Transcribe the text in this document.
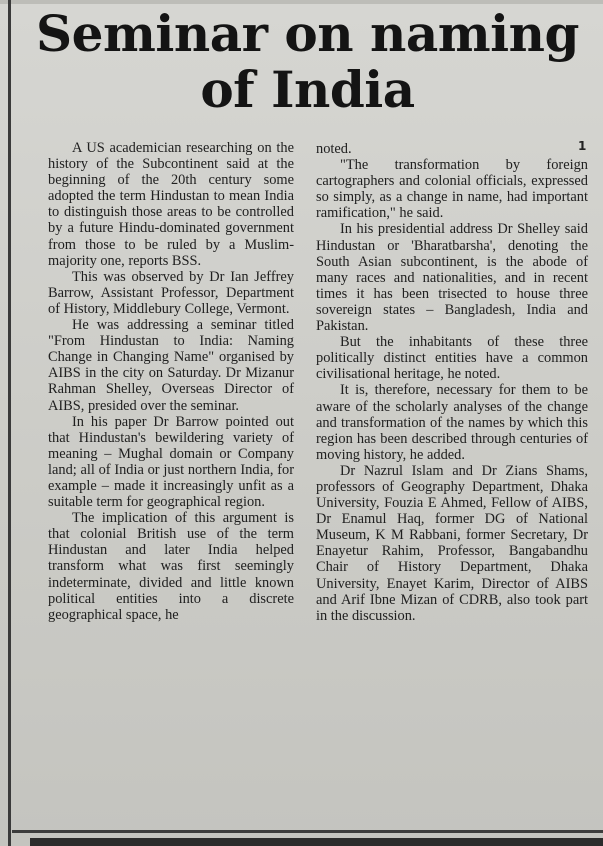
Seminar on naming
of India

A US academician researching on the history of the Subcontinent said at the beginning of the 20th century some adopted the term Hindustan to mean India to distinguish those areas to be controlled by a future Hindu-dominated government from those to be ruled by a Muslim-majority one, reports BSS.

This was observed by Dr Ian Jeffrey Barrow, Assistant Professor, Department of History, Middlebury College, Vermont.

He was addressing a seminar titled "From Hindustan to India: Naming Change in Changing Name" organised by AIBS in the city on Saturday. Dr Mizanur Rahman Shelley, Overseas Director of AIBS, presided over the seminar.

In his paper Dr Barrow pointed out that Hindustan's bewildering variety of meaning – Mughal domain or Company land; all of India or just northern India, for example – made it increasingly unfit as a suitable term for geographical region.

The implication of this argument is that colonial British use of the term Hindustan and later India helped transform what was first seemingly indeterminate, divided and little known political entities into a discrete geographical space, he

noted.

"The transformation by foreign cartographers and colonial officials, expressed so simply, as a change in name, had important ramification," he said.

In his presidential address Dr Shelley said Hindustan or 'Bharatbarsha', denoting the South Asian subcontinent, is the abode of many races and nationalities, and in recent times it has been trisected to house three sovereign states – Bangladesh, India and Pakistan.

But the inhabitants of these three politically distinct entities have a common civilisational heritage, he noted.

It is, therefore, necessary for them to be aware of the scholarly analyses of the change and transformation of the names by which this region has been described through centuries of moving history, he added.

Dr Nazrul Islam and Dr Zians Shams, professors of Geography Department, Dhaka University, Fouzia E Ahmed, Fellow of AIBS, Dr Enamul Haq, former DG of National Museum, K M Rabbani, former Secretary, Dr Enayetur Rahim, Professor, Bangabandhu Chair of History Department, Dhaka University, Enayet Karim, Director of AIBS and Arif Ibne Mizan of CDRB, also took part in the discussion.

1
